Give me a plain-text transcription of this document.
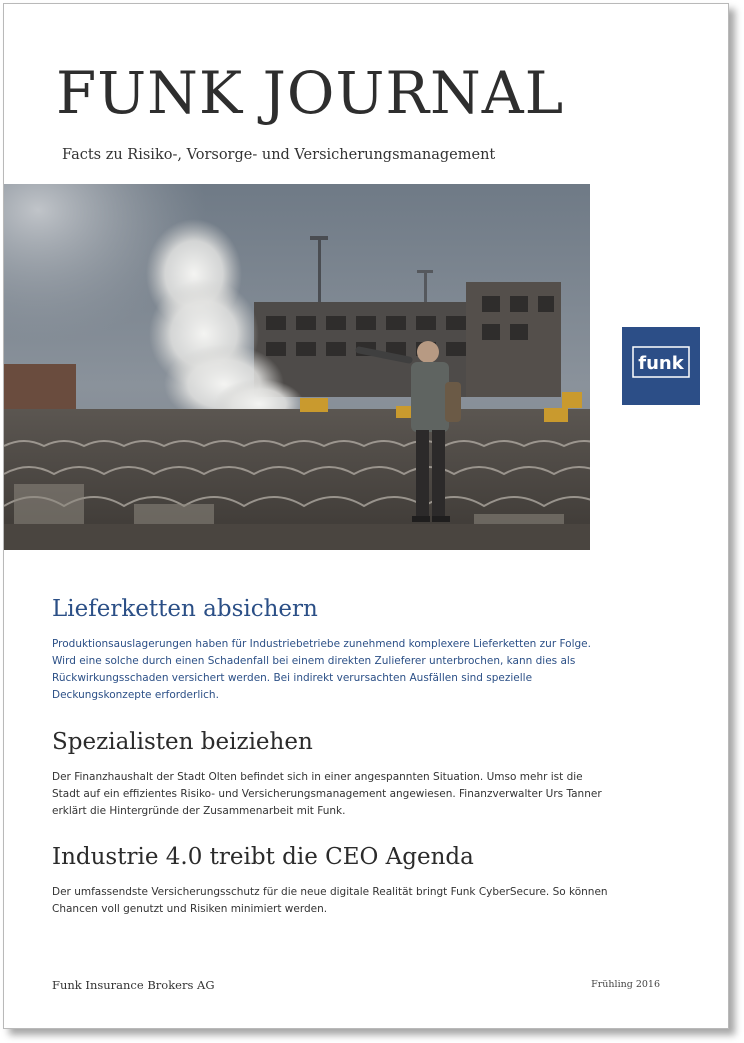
FUNK JOURNAL

Facts zu Risiko-, Vorsorge- und Versicherungsmanagement

funk
Lieferketten absichern

Produktionsauslagerungen haben für Industriebetriebe zunehmend komplexere Lieferketten zur Folge. Wird eine solche durch einen Schadenfall bei einem direkten Zulieferer unterbrochen, kann dies als Rückwirkungsschaden versichert werden. Bei indirekt verursachten Ausfällen sind spezielle Deckungskonzepte erforderlich.

Spezialisten beiziehen

Der Finanzhaushalt der Stadt Olten befindet sich in einer angespannten Situation. Umso mehr ist die Stadt auf ein effizientes Risiko- und Versicherungsmanagement angewiesen. Finanzverwalter Urs Tanner erklärt die Hintergründe der Zusammenarbeit mit Funk.

Industrie 4.0 treibt die CEO Agenda

Der umfassendste Versicherungsschutz für die neue digitale Realität bringt Funk CyberSecure. So können Chancen voll genutzt und Risiken minimiert werden.

Funk Insurance Brokers AG	Frühling 2016
